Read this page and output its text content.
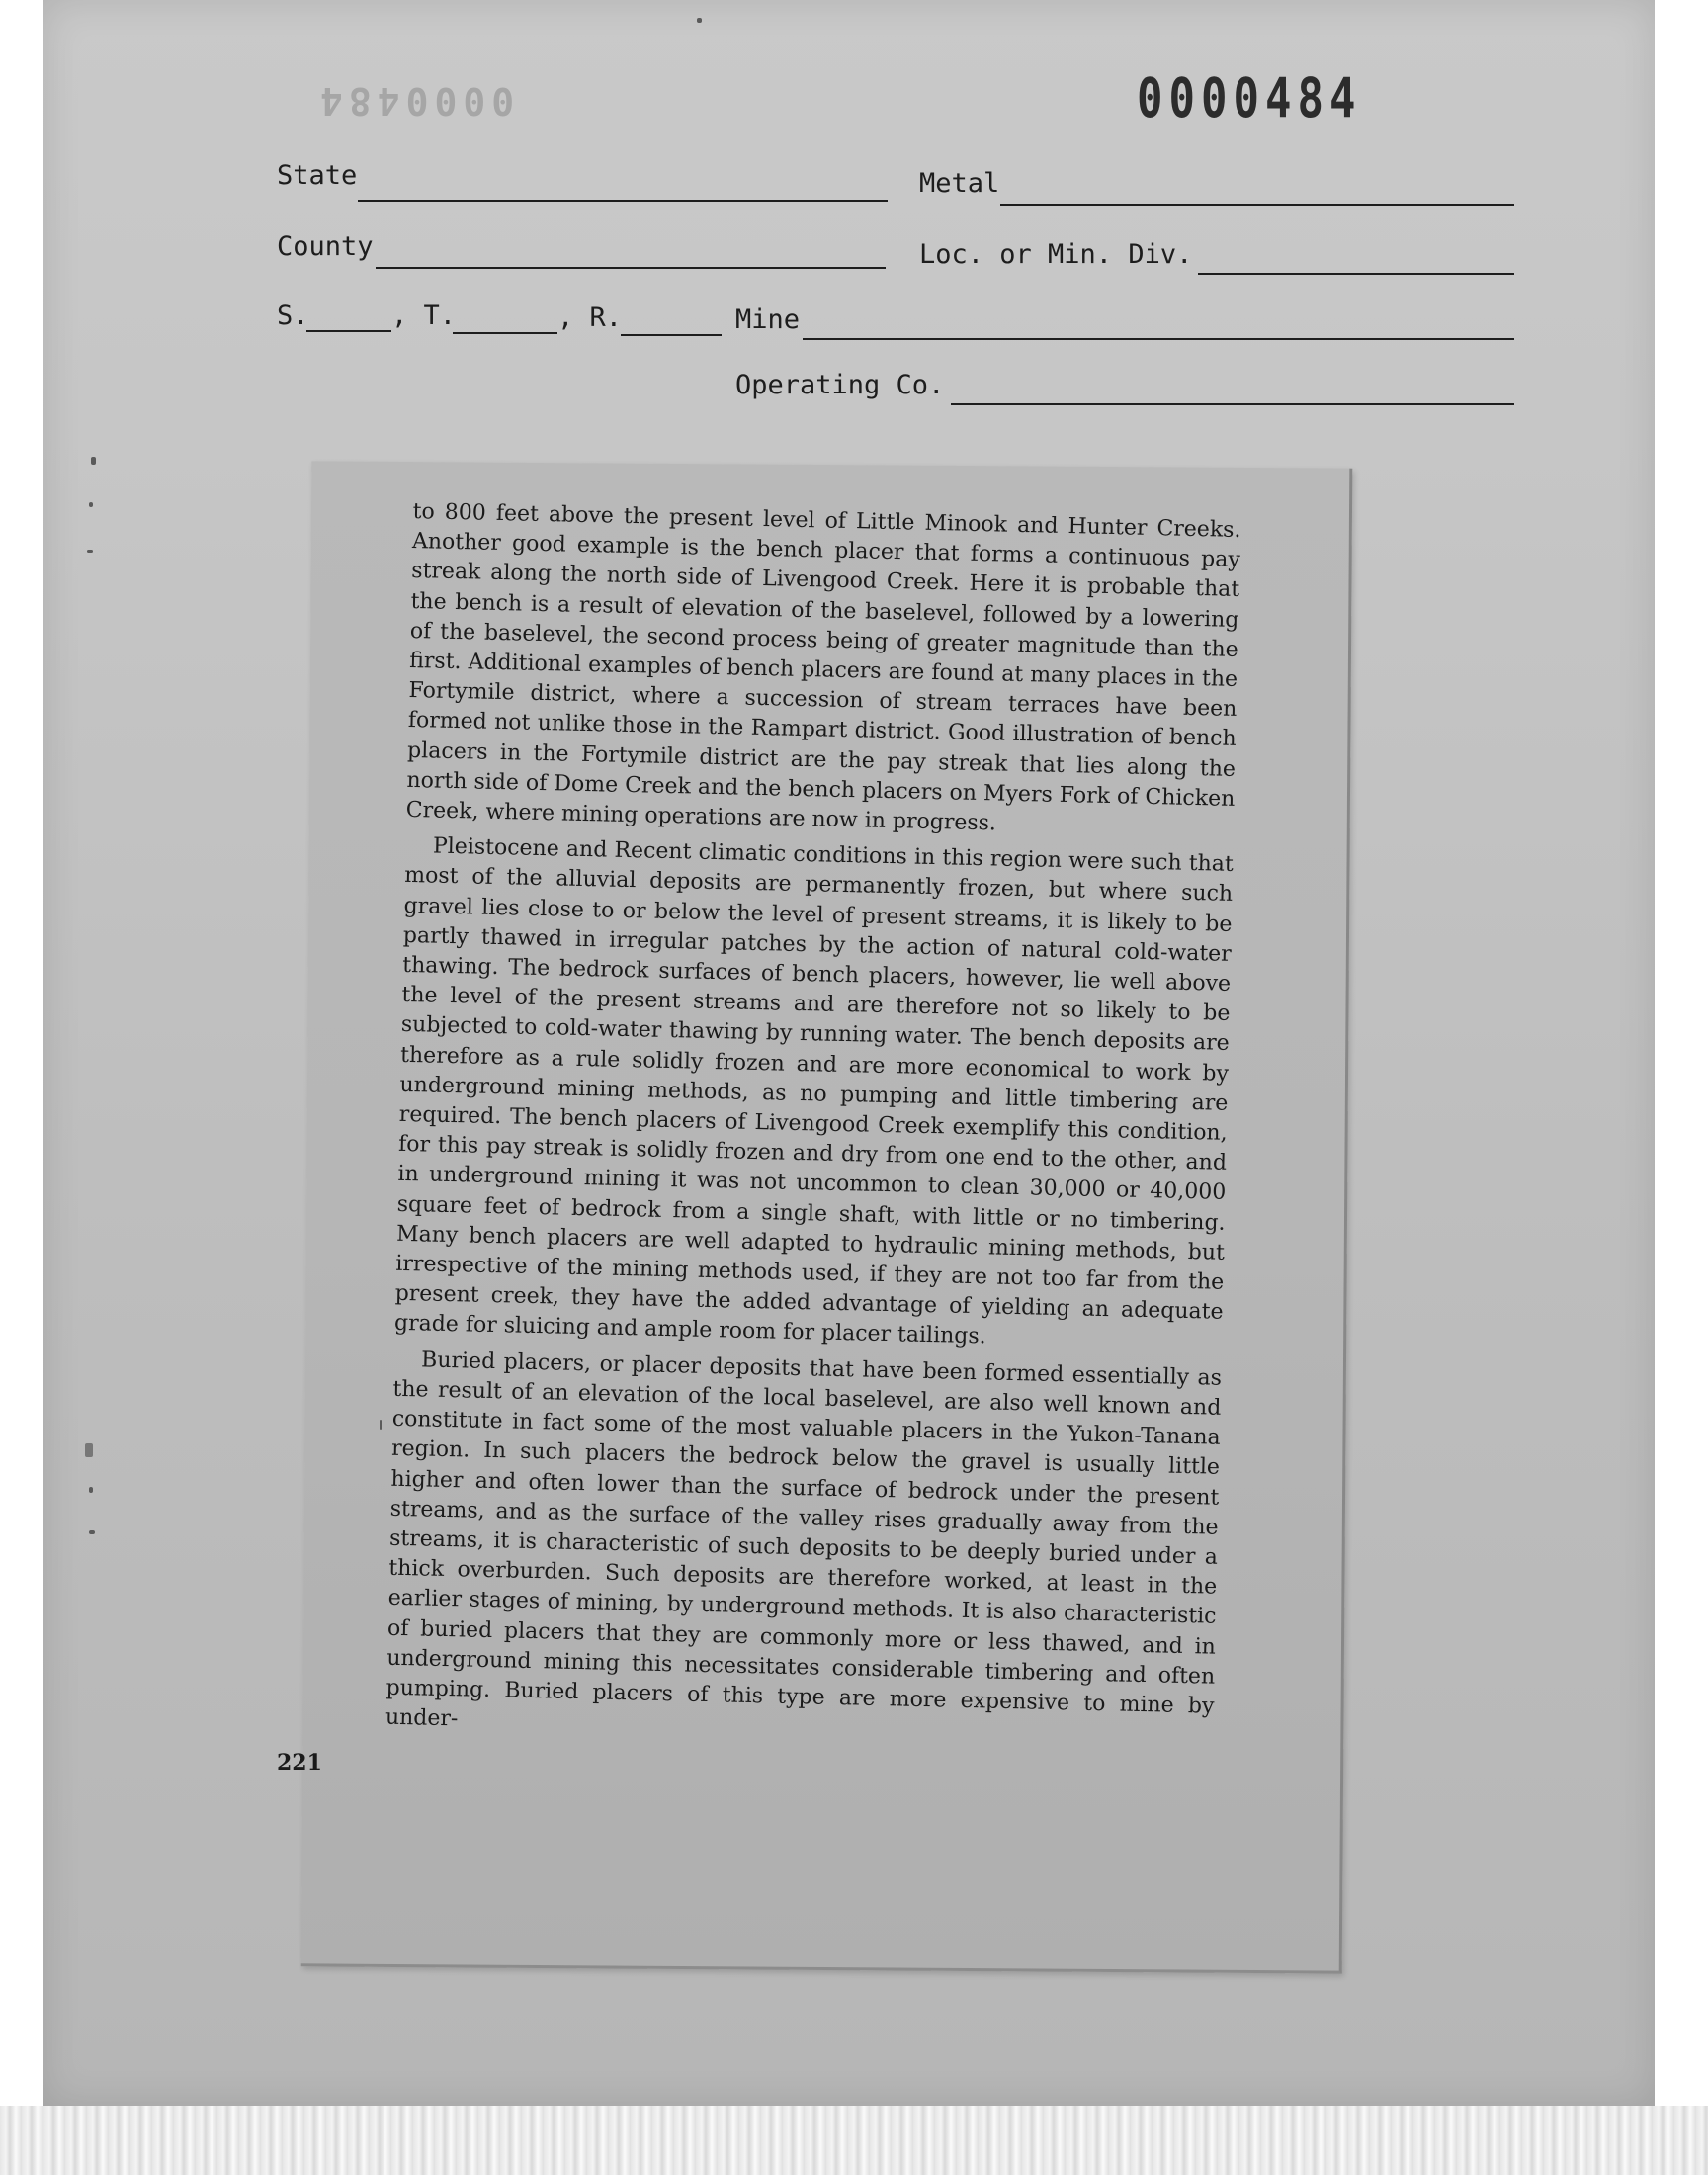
0000484	0000484
State	Metal
County	Loc. or Min. Div.
S.	, T.	, R.	Mine
Operating Co.

to 800 feet above the present level of Little Minook and Hunter Creeks. Another good example is the bench placer that forms a continuous pay streak along the north side of Livengood Creek. Here it is probable that the bench is a result of elevation of the baselevel, followed by a lowering of the baselevel, the second process being of greater magnitude than the first. Additional examples of bench placers are found at many places in the Fortymile district, where a succession of stream terraces have been formed not unlike those in the Rampart district. Good illustration of bench placers in the Fortymile district are the pay streak that lies along the north side of Dome Creek and the bench placers on Myers Fork of Chicken Creek, where mining operations are now in progress.

Pleistocene and Recent climatic conditions in this region were such that most of the alluvial deposits are permanently frozen, but where such gravel lies close to or below the level of present streams, it is likely to be partly thawed in irregular patches by the action of natural cold-water thawing. The bedrock surfaces of bench placers, however, lie well above the level of the present streams and are therefore not so likely to be subjected to cold-water thawing by running water. The bench deposits are therefore as a rule solidly frozen and are more economical to work by underground mining methods, as no pumping and little timbering are required. The bench placers of Livengood Creek exemplify this condition, for this pay streak is solidly frozen and dry from one end to the other, and in underground mining it was not uncommon to clean 30,000 or 40,000 square feet of bedrock from a single shaft, with little or no timbering. Many bench placers are well adapted to hydraulic mining methods, but irrespective of the mining methods used, if they are not too far from the present creek, they have the added advantage of yielding an adequate grade for sluicing and ample room for placer tailings.

Buried placers, or placer deposits that have been formed essentially as the result of an elevation of the local baselevel, are also well known and constitute in fact some of the most valuable placers in the Yukon-Tanana region. In such placers the bedrock below the gravel is usually little higher and often lower than the surface of bedrock under the present streams, and as the surface of the valley rises gradually away from the streams, it is characteristic of such deposits to be deeply buried under a thick overburden. Such deposits are therefore worked, at least in the earlier stages of mining, by underground methods. It is also characteristic of buried placers that they are commonly more or less thawed, and in underground mining this necessitates considerable timbering and often pumping. Buried placers of this type are more expensive to mine by under-

221
